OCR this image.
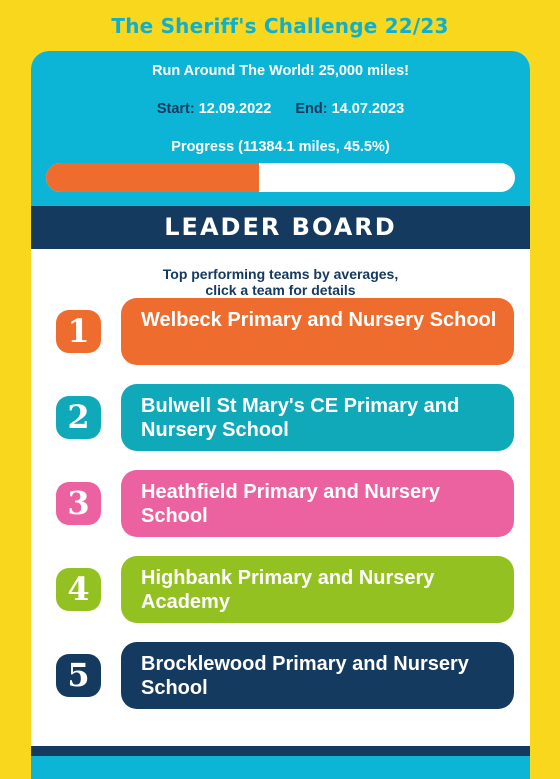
The Sheriff's Challenge 22/23
Run Around The World! 25,000 miles!
Start: 12.09.2022 End: 14.07.2023
Progress (11384.1 miles, 45.5%)
LEADER BOARD
Top performing teams by averages,
click a team for details
1	Welbeck Primary and Nursery School
2	Bulwell St Mary's CE Primary and Nursery School
3	Heathfield Primary and Nursery School
4	Highbank Primary and Nursery Academy
5	Brocklewood Primary and Nursery School
